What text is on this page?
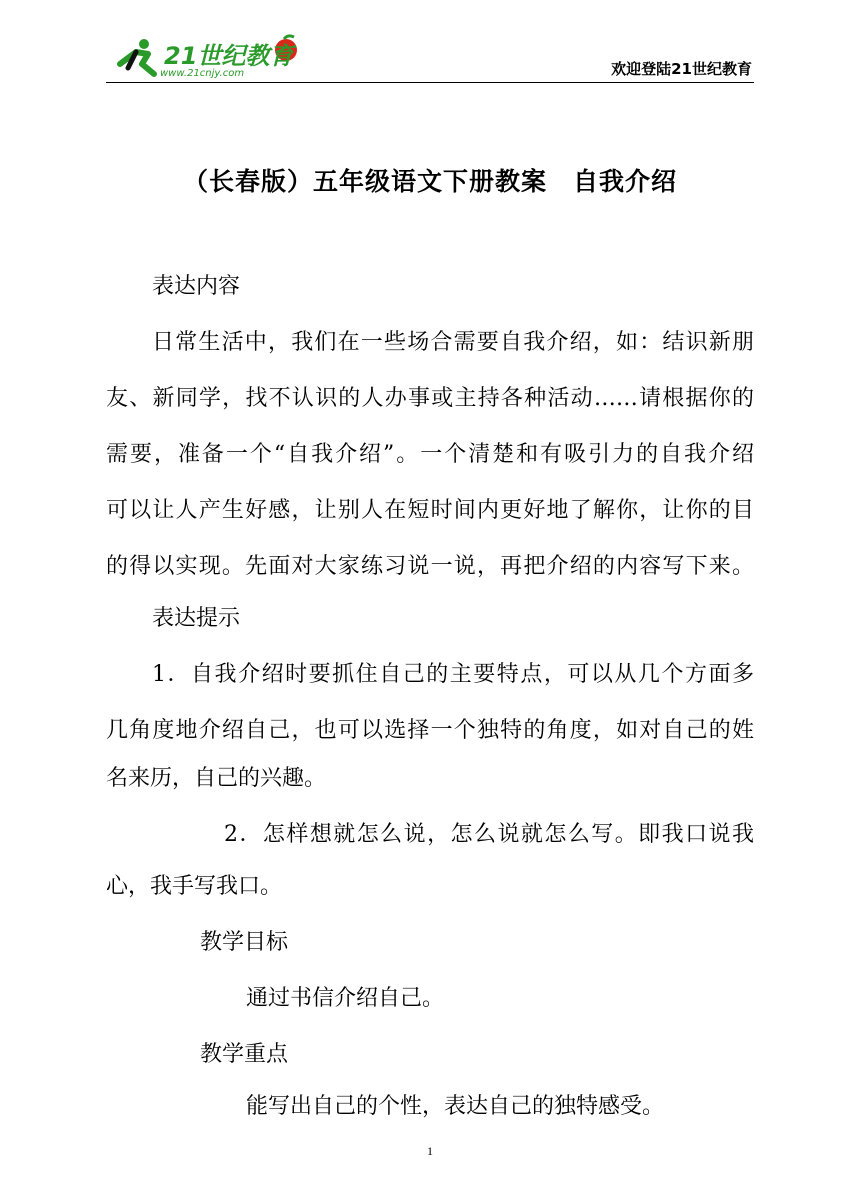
21世纪教育
www.21cnjy.com	欢迎登陆21世纪教育
（长春版）五年级语文下册教案　自我介绍
表达内容
日常生活中，我们在一些场合需要自我介绍，如：结识新朋
友、新同学，找不认识的人办事或主持各种活动……请根据你的
需要，准备一个“自我介绍”。一个清楚和有吸引力的自我介绍
可以让人产生好感，让别人在短时间内更好地了解你，让你的目
的得以实现。先面对大家练习说一说，再把介绍的内容写下来。
表达提示
1．自我介绍时要抓住自己的主要特点，可以从几个方面多
几角度地介绍自己，也可以选择一个独特的角度，如对自己的姓
名来历，自己的兴趣。
2．怎样想就怎么说，怎么说就怎么写。即我口说我
心，我手写我口。
教学目标
通过书信介绍自己。
教学重点
能写出自己的个性，表达自己的独特感受。
1
